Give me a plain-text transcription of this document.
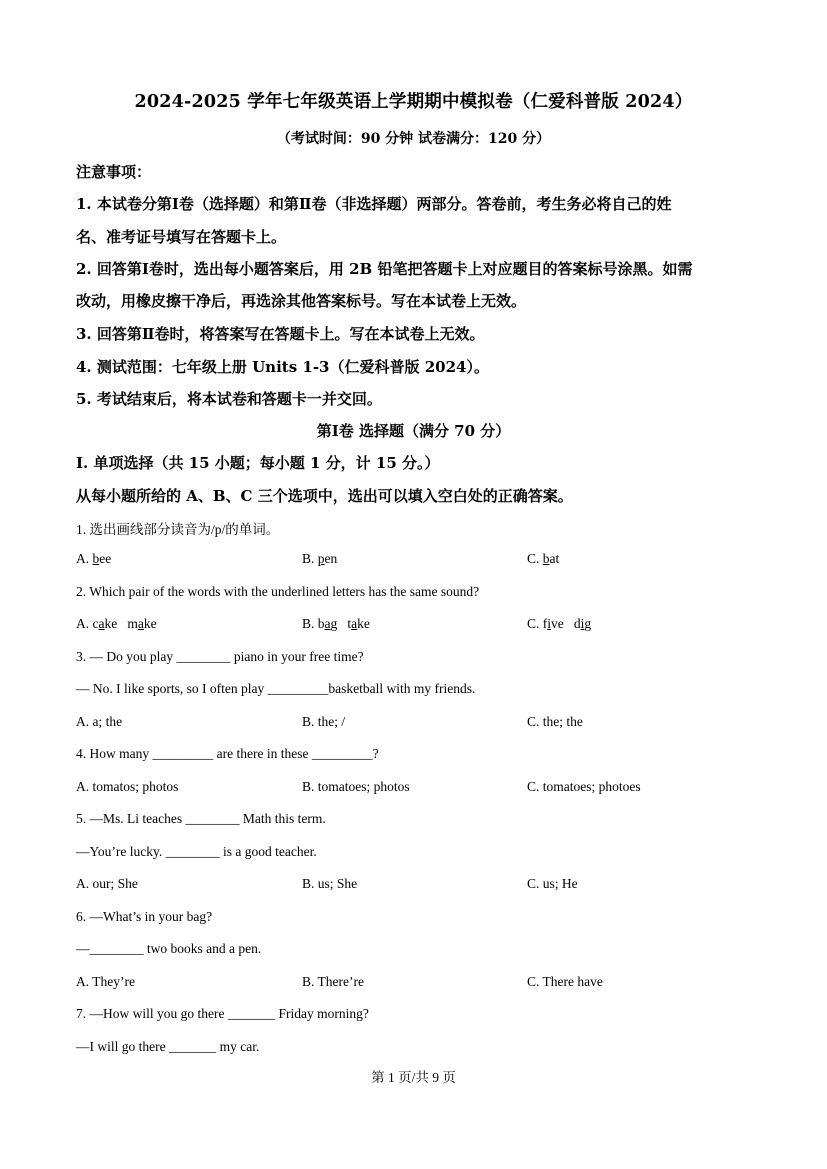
2024-2025 学年七年级英语上学期期中模拟卷（仁爱科普版 2024）
（考试时间：90 分钟 试卷满分：120 分）
注意事项：
1. 本试卷分第Ⅰ卷（选择题）和第Ⅱ卷（非选择题）两部分。答卷前，考生务必将自己的姓
名、准考证号填写在答题卡上。
2. 回答第Ⅰ卷时，选出每小题答案后，用 2B 铅笔把答题卡上对应题目的答案标号涂黑。如需
改动，用橡皮擦干净后，再选涂其他答案标号。写在本试卷上无效。
3. 回答第Ⅱ卷时，将答案写在答题卡上。写在本试卷上无效。
4. 测试范围：七年级上册 Units 1-3（仁爱科普版 2024）。
5. 考试结束后，将本试卷和答题卡一并交回。
第Ⅰ卷 选择题（满分 70 分）
I. 单项选择（共 15 小题；每小题 1 分，计 15 分。）
从每小题所给的 A、B、C 三个选项中，选出可以填入空白处的正确答案。
1. 选出画线部分读音为/p/的单词。
A. bee	B. pen	C. bat
2. Which pair of the words with the underlined letters has the same sound?
A. cake   make	B. bag   take	C. five   dig
3. — Do you play ________ piano in your free time?
— No. I like sports, so I often play _________basketball with my friends.
A. a; the	B. the; /	C. the; the
4. How many _________ are there in these _________?
A. tomatos; photos	B. tomatoes; photos	C. tomatoes; photoes
5. —Ms. Li teaches ________ Math this term.
—You’re lucky. ________ is a good teacher.
A. our; She	B. us; She	C. us; He
6. —What’s in your bag?
—________ two books and a pen.
A. They’re	B. There’re	C. There have
7. —How will you go there _______ Friday morning?
—I will go there _______ my car.
第 1 页/共 9 页
